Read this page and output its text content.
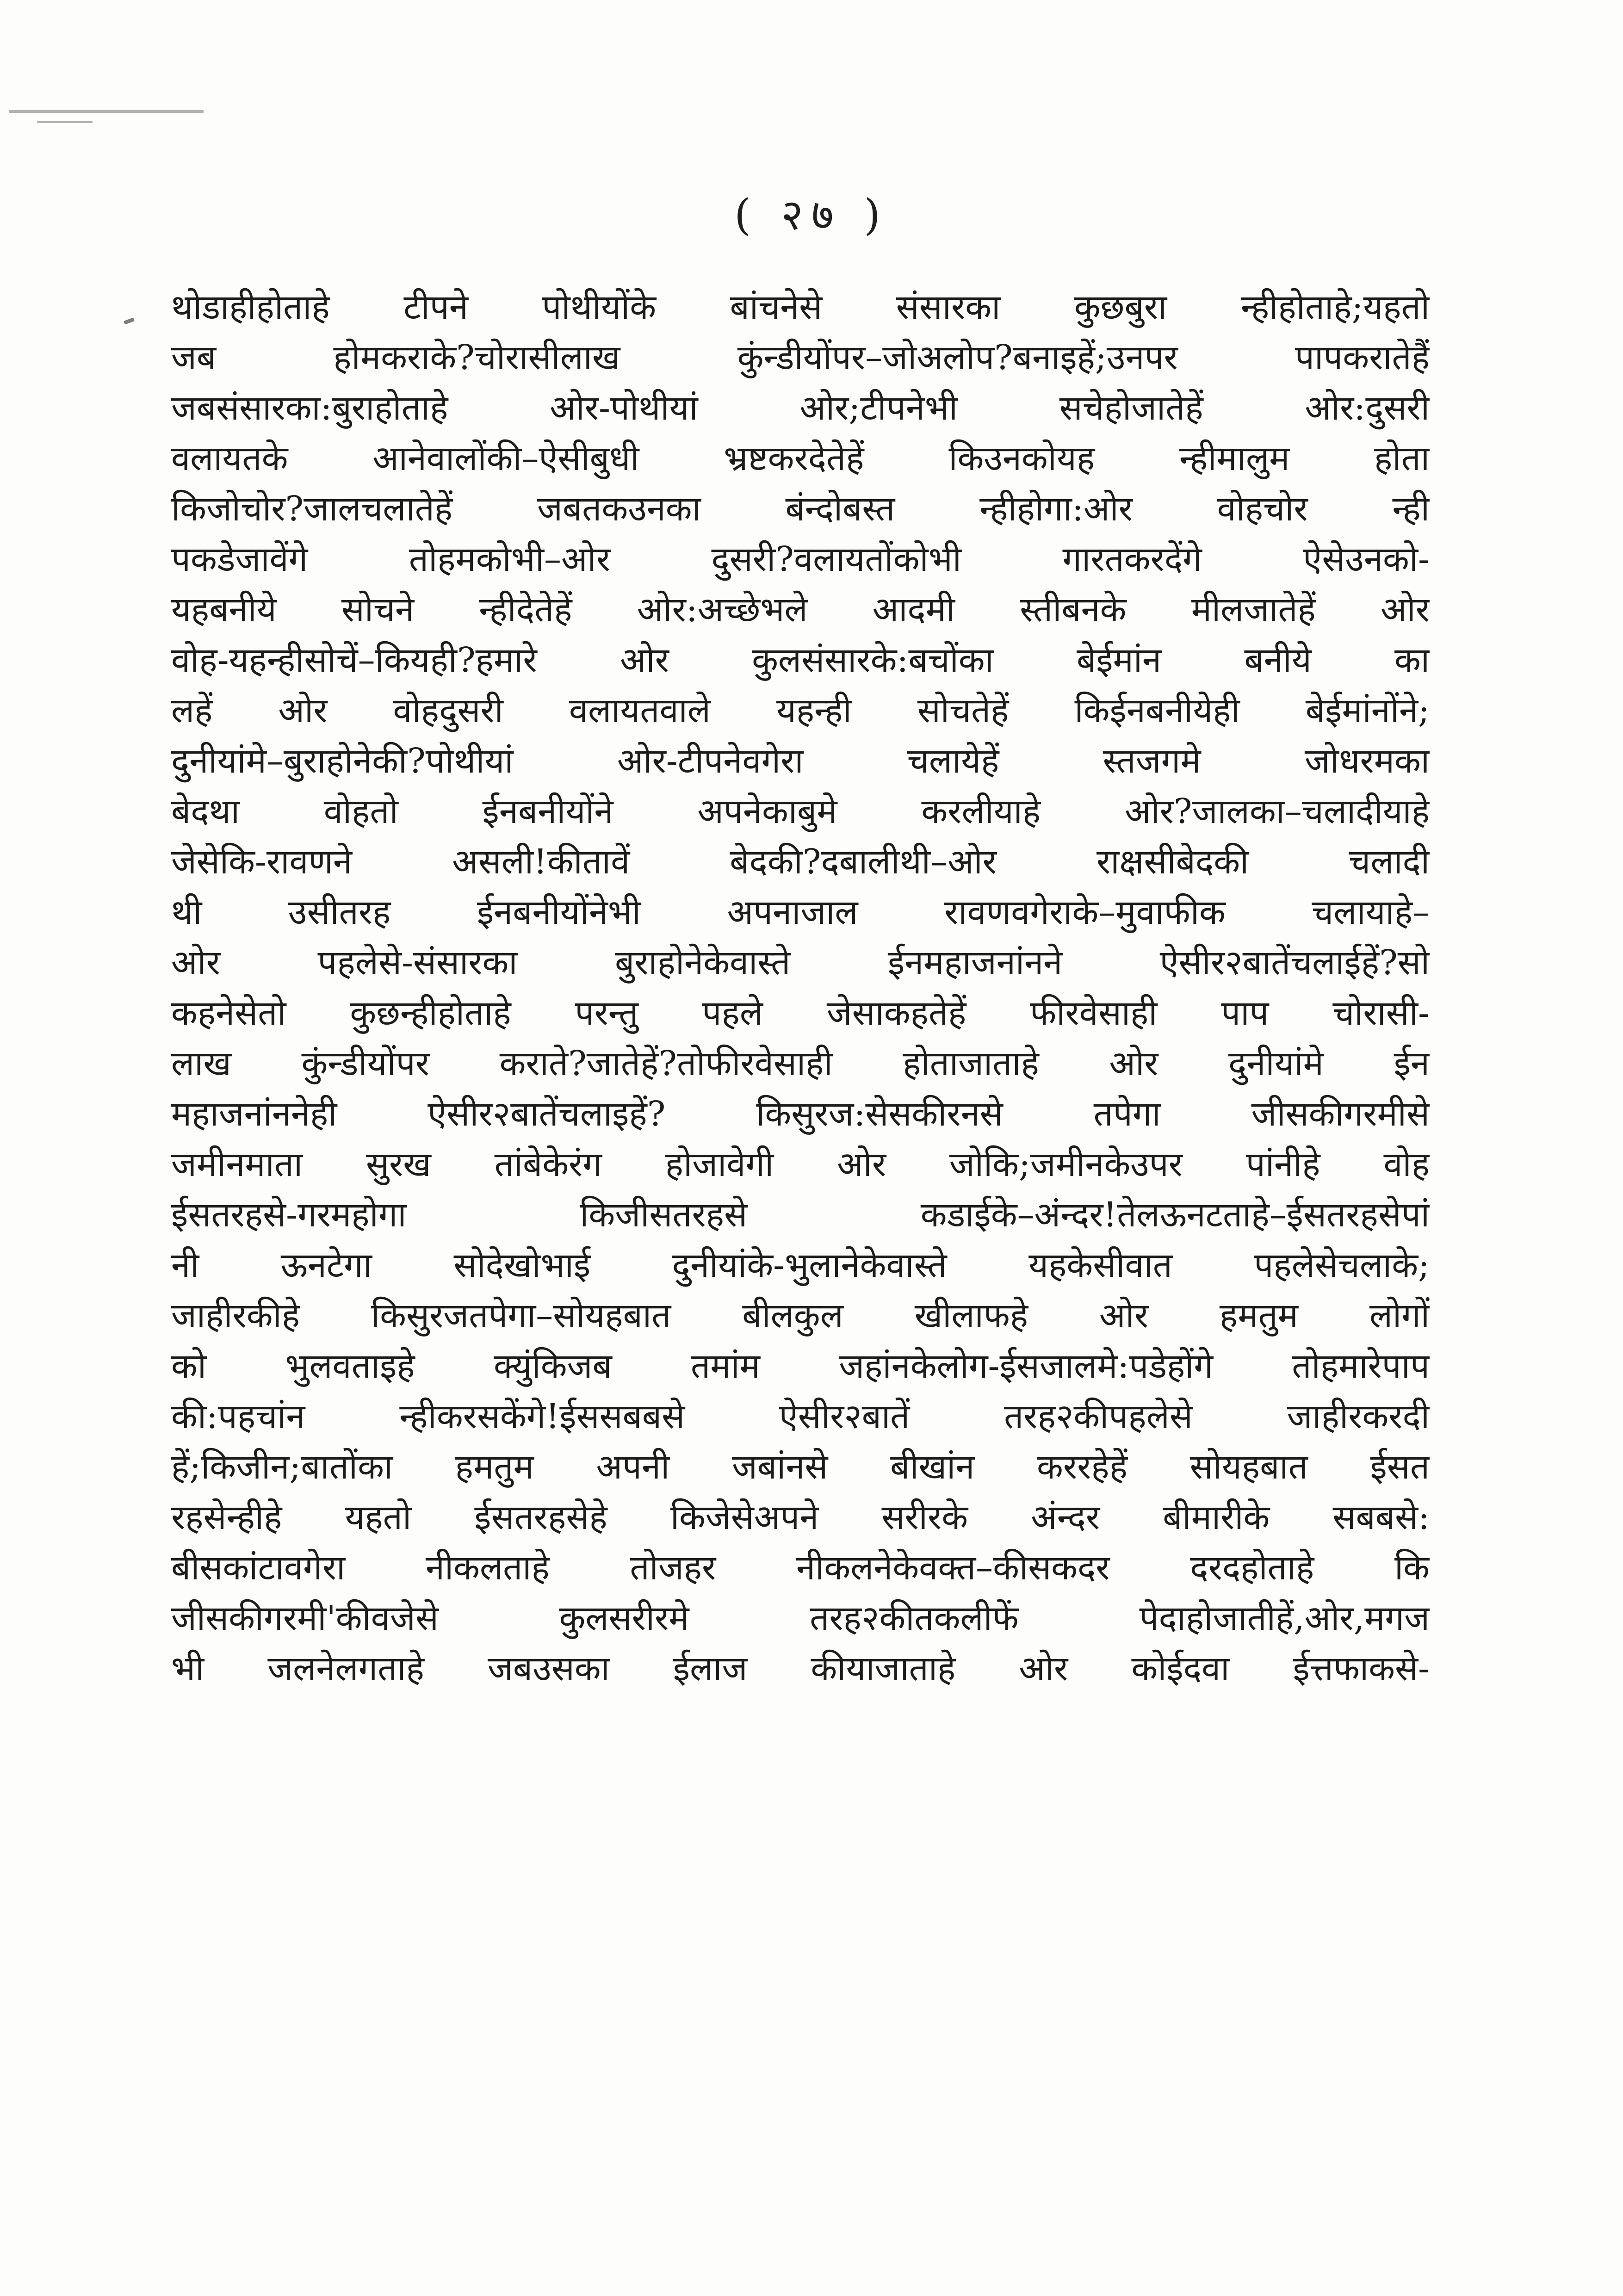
( २७ )
थोडाहीहोताहे टीपने पोथीयोंके बांचनेसे संसारका कुछबुरा न्हीहोताहे;यहतो
जब होमकराके?चोरासीलाख कुंन्डीयोंपर–जोअलोप?बनाइहें;उनपर पापकरातेहैं
जबसंसारका:बुराहोताहे ओर-पोथीयां ओर;टीपनेभी सचेहोजातेहें ओर:दुसरी
वलायतके आनेवालोंकी–ऐसीबुधी भ्रष्टकरदेतेहें किउनकोयह न्हीमालुम होता
किजोचोर?जालचलातेहें जबतकउनका बंन्दोबस्त न्हीहोगा:ओर वोहचोर न्ही
पकडेजावेंगे तोहमकोभी–ओर दुसरी?वलायतोंकोभी गारतकरदेंगे ऐसेउनको-
यहबनीये सोचने न्हीदेतेहें ओर:अच्छेभले आदमी स्तीबनके मीलजातेहें ओर
वोह-यहन्हीसोचें–कियही?हमारे ओर कुलसंसारके:बचोंका बेईमांन बनीये का
लहें ओर वोहदुसरी वलायतवाले यहन्ही सोचतेहें किईनबनीयेही बेईमांनोंने;
दुनीयांमे–बुराहोनेकी?पोथीयां ओर-टीपनेवगेरा चलायेहें स्तजगमे जोधरमका
बेदथा वोहतो ईनबनीयोंने अपनेकाबुमे करलीयाहे ओर?जालका–चलादीयाहे
जेसेकि-रावणने असली!कीतावें बेदकी?दबालीथी–ओर राक्षसीबेदकी चलादी
थी उसीतरह ईनबनीयोंनेभी अपनाजाल रावणवगेराके–मुवाफीक चलायाहे–
ओर पहलेसे-संसारका बुराहोनेकेवास्ते ईनमहाजनांनने ऐसीर२बातेंचलाईहें?सो
कहनेसेतो कुछन्हीहोताहे परन्तु पहले जेसाकहतेहें फीरवेसाही पाप चोरासी-
लाख कुंन्डीयोंपर कराते?जातेहें?तोफीरवेसाही होताजाताहे ओर दुनीयांमे ईन
महाजनांननेही ऐसीर२बातेंचलाइहें? किसुरज:सेसकीरनसे तपेगा जीसकीगरमीसे
जमीनमाता सुरख तांबेकेरंग होजावेगी ओर जोकि;जमीनकेउपर पांनीहे वोह
ईसतरहसे-गरमहोगा किजीसतरहसे कडाईके–अंन्दर!तेलऊनटताहे–ईसतरहसेपां
नी ऊनटेगा सोदेखोभाई दुनीयांके-भुलानेकेवास्ते यहकेसीवात पहलेसेचलाके;
जाहीरकीहे किसुरजतपेगा–सोयहबात बीलकुल खीलाफहे ओर हमतुम लोगों
को भुलवताइहे क्युंकिजब तमांम जहांनकेलोग-ईसजालमे:पडेहोंगे तोहमारेपाप
की:पहचांन न्हीकरसकेंगे!ईससबबसे ऐसीर२बातें तरह२कीपहलेसे जाहीरकरदी
हें;किजीन;बातोंका हमतुम अपनी जबांनसे बीखांन कररहेहें सोयहबात ईसत
रहसेन्हीहे यहतो ईसतरहसेहे किजेसेअपने सरीरके अंन्दर बीमारीके सबबसे:
बीसकांटावगेरा नीकलताहे तोजहर नीकलनेकेवक्त–कीसकदर दरदहोताहे कि
जीसकीगरमी'कीवजेसे कुलसरीरमे तरह२कीतकलीफें पेदाहोजातीहें,ओर,मगज
भी जलनेलगताहे जबउसका ईलाज कीयाजाताहे ओर कोईदवा ईत्तफाकसे-
